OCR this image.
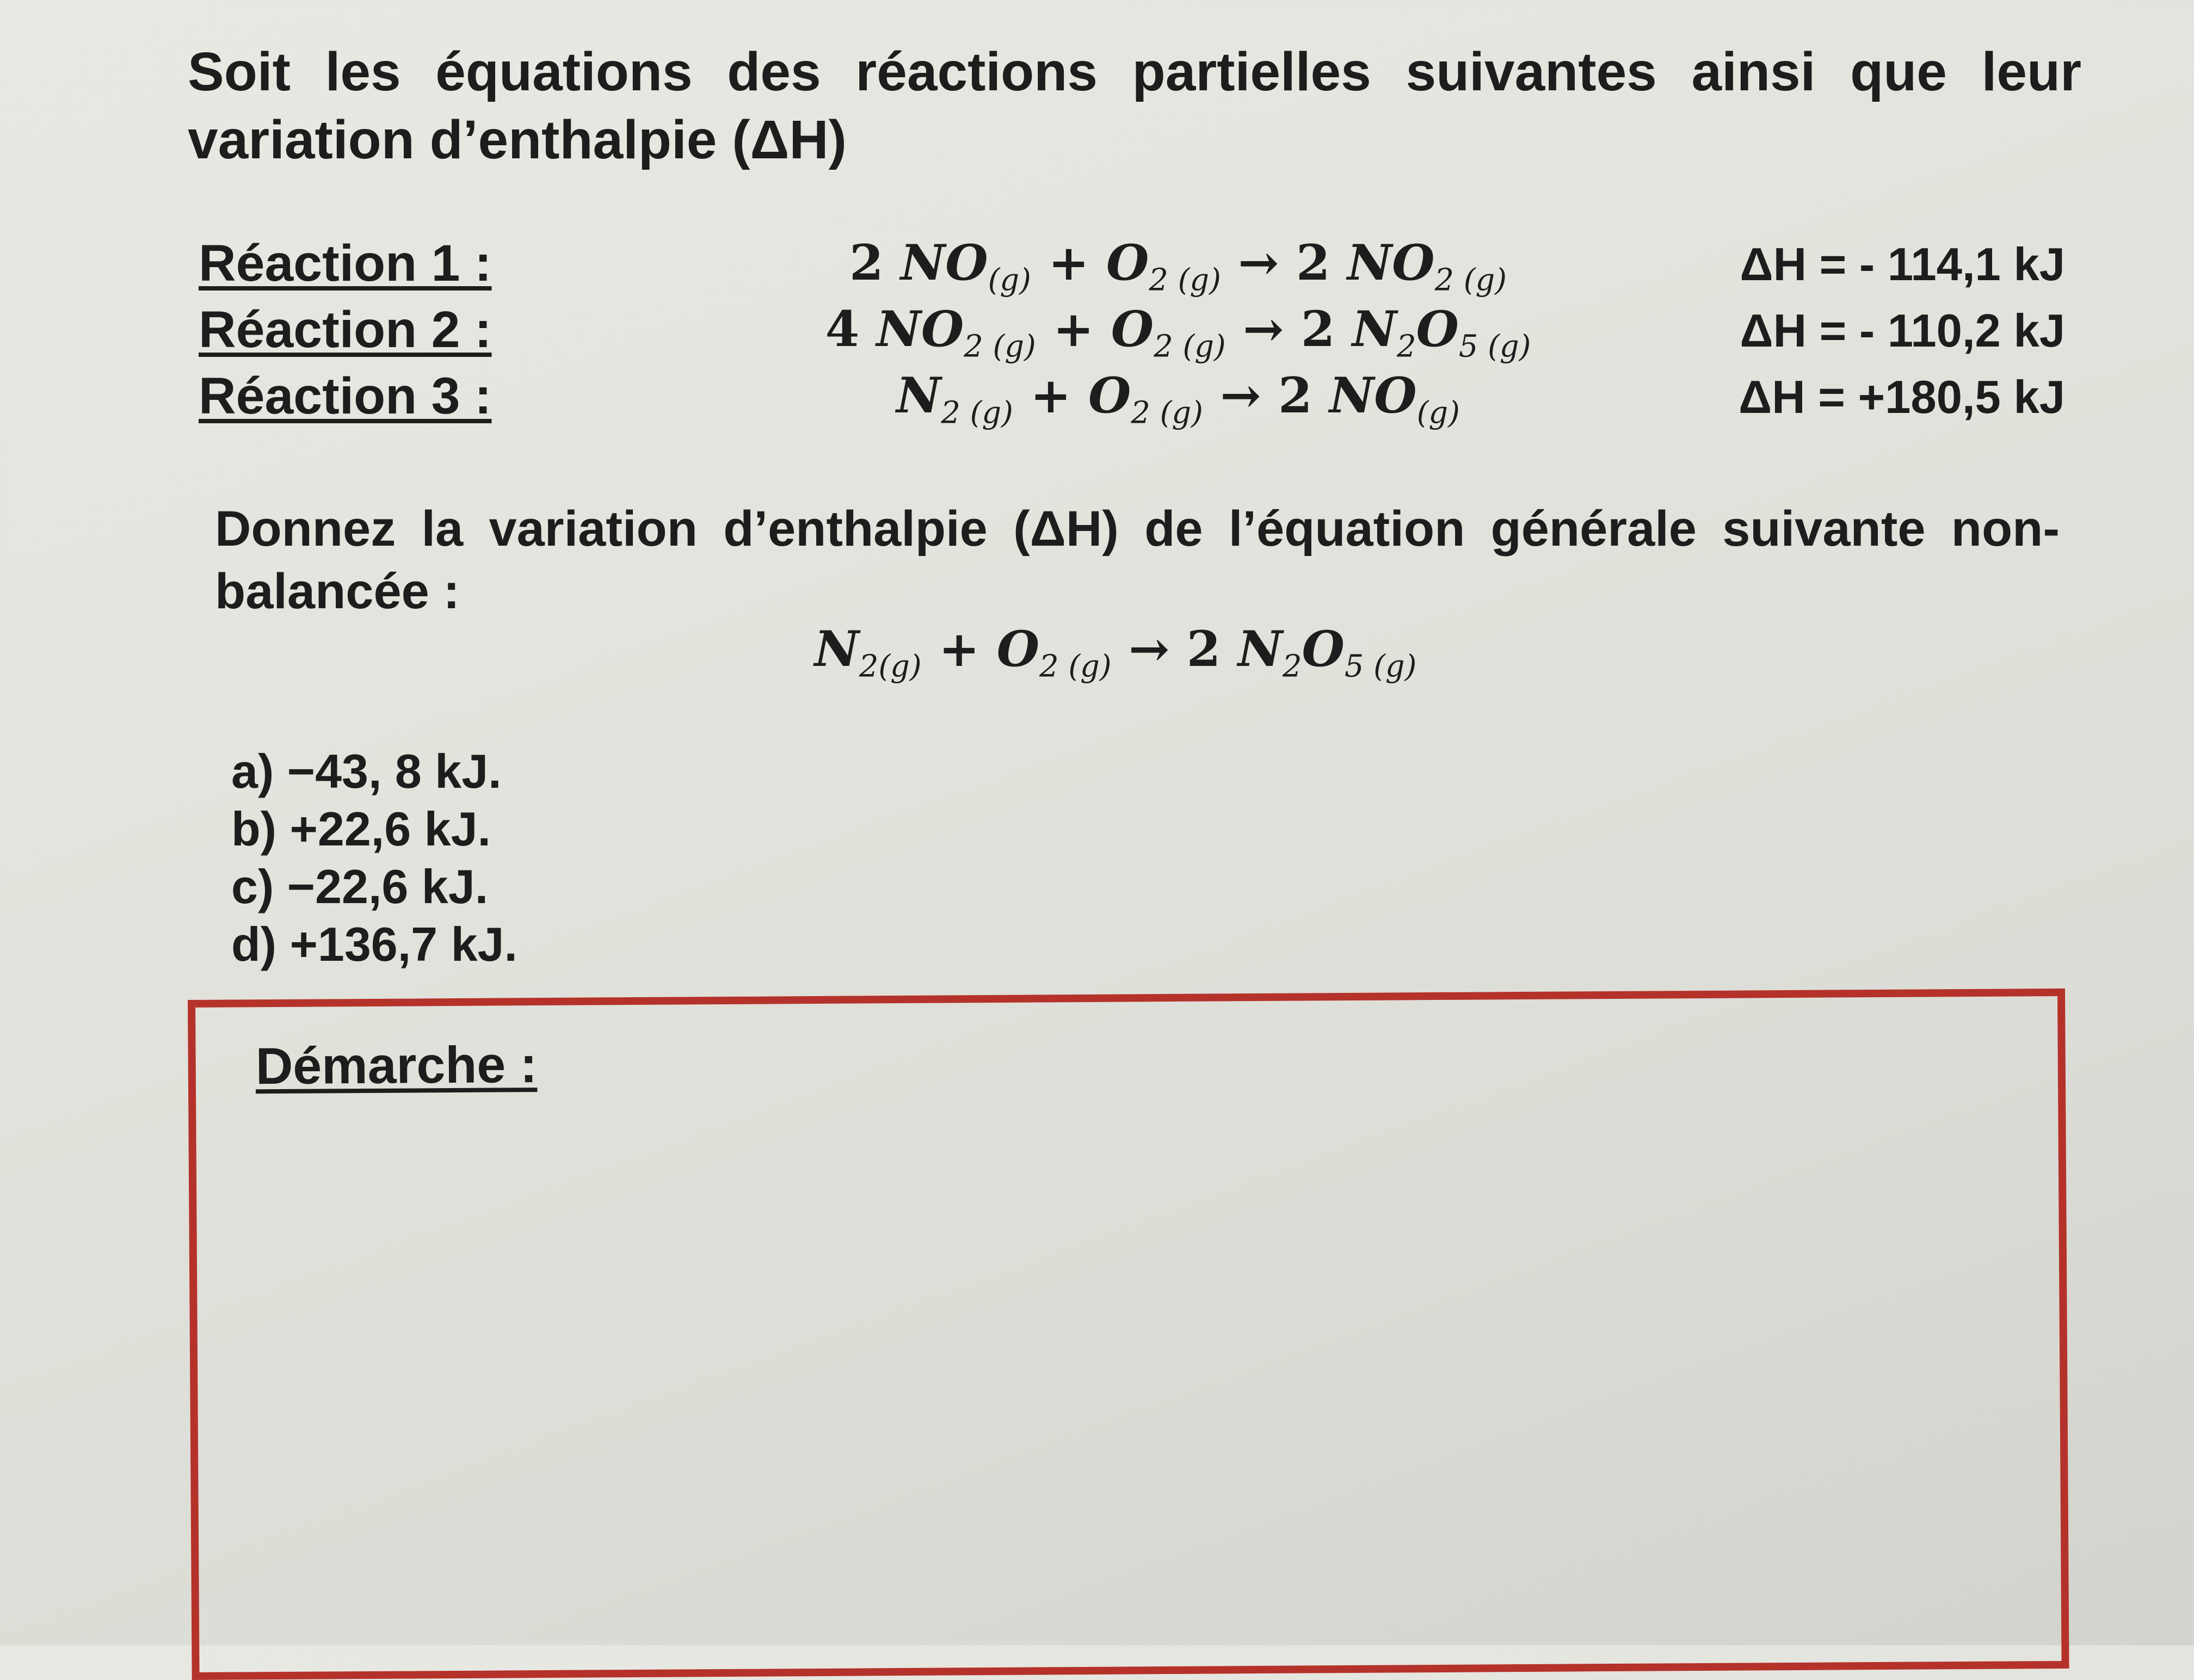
Soit les équations des réactions partielles suivantes ainsi que leur variation d’enthalpie (ΔH)

Réaction 1 :	2 $NO_{(g)} + O_{2 (g)} \to 2$ $NO_{2 (g)}$	ΔH = - 114,1 kJ
Réaction 2 :	4 $NO_{2 (g)} + O_{2 (g)} \to 2$ $N_2O_{5 (g)}$	ΔH = - 110,2 kJ
Réaction 3 :	$N_{2 (g)} + O_{2 (g)} \to 2$ $NO_{(g)}$	ΔH = +180,5 kJ

Donnez la variation d’enthalpie (ΔH) de l’équation générale suivante non-balancée :

$N_{2(g)} + O_{2 (g)} \to 2$ $N_2O_{5 (g)}$
a) −43, 8 kJ.
b) +22,6 kJ.
c) −22,6 kJ.
d) +136,7 kJ.
Démarche :
